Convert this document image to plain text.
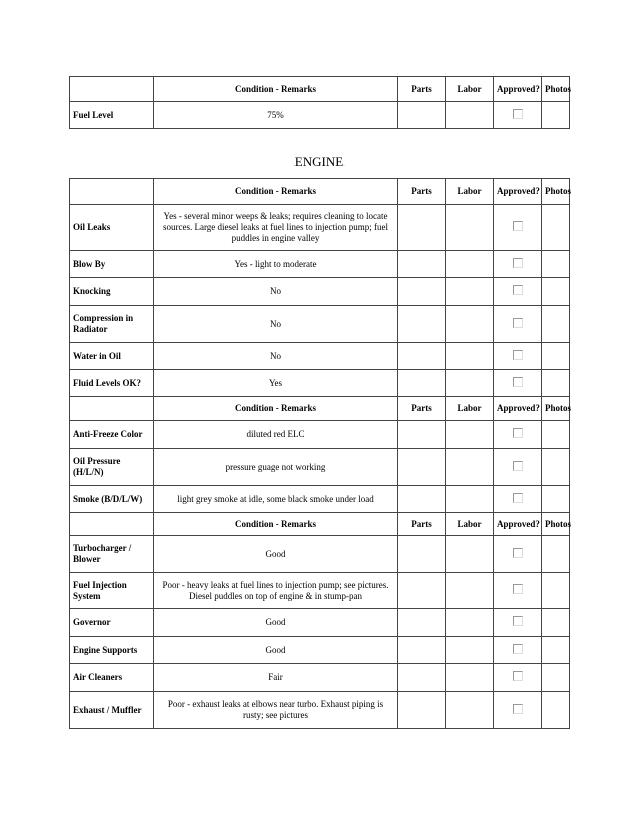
	Condition - Remarks	Parts	Labor	Approved?	Photos
Fuel Level	75%				
.ENGINE.
	Condition - Remarks	Parts	Labor	Approved?	Photos
Oil Leaks	Yes - several minor weeps & leaks; requires cleaning to locate sources. Large diesel leaks at fuel lines to injection pump; fuel puddles in engine valley				
Blow By	Yes - light to moderate				
Knocking	No				
Compression in Radiator	No				
Water in Oil	No				
Fluid Levels OK?	Yes				
	Condition - Remarks	Parts	Labor	Approved?	Photos
Anti-Freeze Color	diluted red ELC				
Oil Pressure (H/L/N)	pressure guage not working				
Smoke (B/D/L/W)	light grey smoke at idle, some black smoke under load				
	Condition - Remarks	Parts	Labor	Approved?	Photos
Turbocharger / Blower	Good				
Fuel Injection System	Poor - heavy leaks at fuel lines to injection pump; see pictures. Diesel puddles on top of engine & in stump-pan				
Governor	Good				
Engine Supports	Good				
Air Cleaners	Fair				
Exhaust / Muffler	Poor - exhaust leaks at elbows near turbo. Exhaust piping is rusty; see pictures				
